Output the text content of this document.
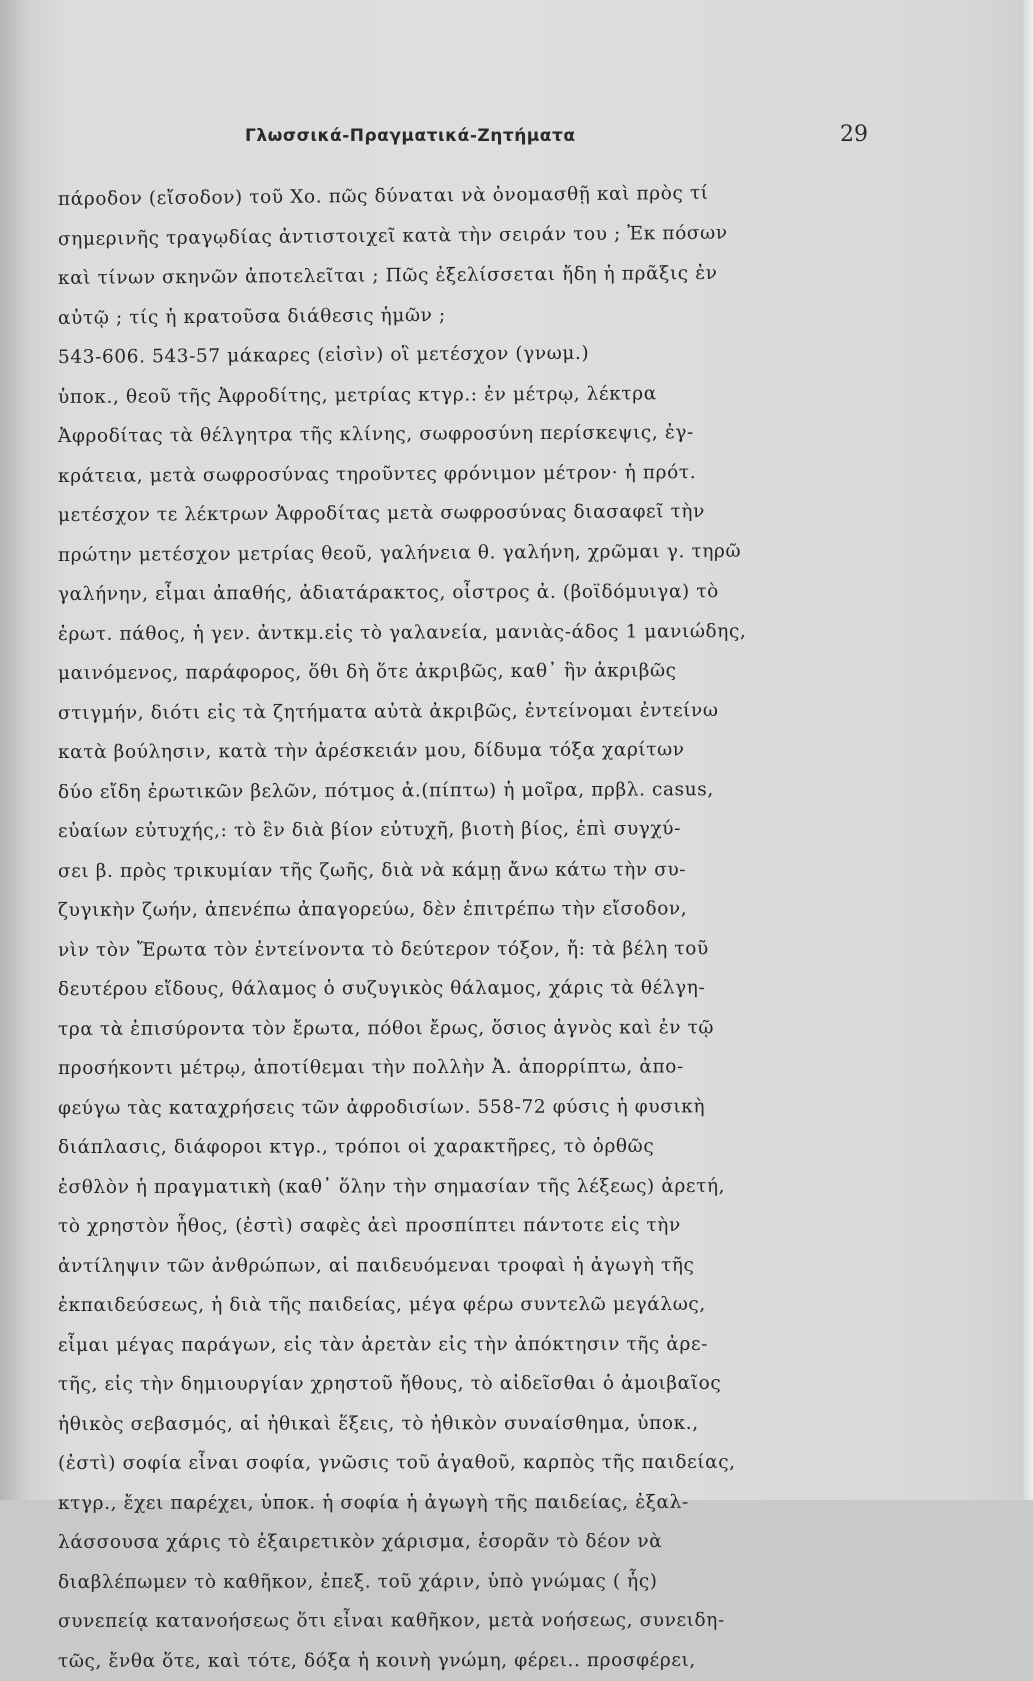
Γλωσσικά-Πραγματικά-Ζητήματα	29
πάροδον (εἴσοδον) τοῦ Χο. πῶς δύναται νὰ ὀνομασθῇ καὶ πρὸς τί
σημερινῆς τραγῳδίας ἀντιστοιχεῖ κατὰ τὴν σειράν του ; Ἐκ πόσων
καὶ τίνων σκηνῶν ἀποτελεῖται ; Πῶς ἐξελίσσεται ἤδη ἡ πρᾶξις ἐν
αὐτῷ ; τίς ἡ κρατοῦσα διάθεσις ἡμῶν ;
543-606. 543-57 μάκαρες (εἰσὶν) οἳ μετέσχον (γνωμ.)
ὑποκ., θεοῦ τῆς Ἀφροδίτης, μετρίας κτγρ.: ἐν μέτρῳ, λέκτρα
Ἀφροδίτας τὰ θέλγητρα τῆς κλίνης, σωφροσύνη περίσκεψις, ἐγ-
κράτεια, μετὰ σωφροσύνας τηροῦντες φρόνιμον μέτρον· ἡ πρότ.
μετέσχον τε λέκτρων Ἀφροδίτας μετὰ σωφροσύνας διασαφεῖ τὴν
πρώτην μετέσχον μετρίας θεοῦ, γαλήνεια θ. γαλήνη, χρῶμαι γ. τηρῶ
γαλήνην, εἶμαι ἀπαθής, ἀδιατάρακτος, οἶστρος ἀ. (βοϊδόμυιγα) τὸ
ἐρωτ. πάθος, ἡ γεν. ἀντκμ.εἰς τὸ γαλανεία, μανιὰς-άδος 1 μανιώδης,
μαινόμενος, παράφορος, ὅθι δὴ ὅτε ἀκριβῶς, καθ᾽ ἣν ἀκριβῶς
στιγμήν, διότι εἰς τὰ ζητήματα αὐτὰ ἀκριβῶς, ἐντείνομαι ἐντείνω
κατὰ βούλησιν, κατὰ τὴν ἀρέσκειάν μου, δίδυμα τόξα χαρίτων
δύο εἴδη ἐρωτικῶν βελῶν, πότμος ἀ.(πίπτω) ἡ μοῖρα, πρβλ. casus,
εὐαίων εὐτυχής,: τὸ ἓν διὰ βίον εὐτυχῆ, βιοτὴ βίος, ἐπὶ συγχύ-
σει β. πρὸς τρικυμίαν τῆς ζωῆς, διὰ νὰ κάμῃ ἄνω κάτω τὴν συ-
ζυγικὴν ζωήν, ἀπενέπω ἀπαγορεύω, δὲν ἐπιτρέπω τὴν εἴσοδον,
νὶν τὸν Ἔρωτα τὸν ἐντείνοντα τὸ δεύτερον τόξον, ἤ: τὰ βέλη τοῦ
δευτέρου εἴδους, θάλαμος ὁ συζυγικὸς θάλαμος, χάρις τὰ θέλγη-
τρα τὰ ἐπισύροντα τὸν ἔρωτα, πόθοι ἔρως, ὅσιος ἁγνὸς καὶ ἐν τῷ
προσήκοντι μέτρῳ, ἀποτίθεμαι τὴν πολλὴν Ἀ. ἀπορρίπτω, ἀπο-
φεύγω τὰς καταχρήσεις τῶν ἀφροδισίων. 558-72 φύσις ἡ φυσικὴ
διάπλασις, διάφοροι κτγρ., τρόποι οἱ χαρακτῆρες, τὸ ὀρθῶς
ἐσθλὸν ἡ πραγματικὴ (καθ᾽ ὅλην τὴν σημασίαν τῆς λέξεως) ἀρετή,
τὸ χρηστὸν ἦθος, (ἐστὶ) σαφὲς ἀεὶ προσπίπτει πάντοτε εἰς τὴν
ἀντίληψιν τῶν ἀνθρώπων, αἱ παιδευόμεναι τροφαὶ ἡ ἀγωγὴ τῆς
ἐκπαιδεύσεως, ἡ διὰ τῆς παιδείας, μέγα φέρω συντελῶ μεγάλως,
εἶμαι μέγας παράγων, εἰς τὰν ἀρετὰν εἰς τὴν ἀπόκτησιν τῆς ἀρε-
τῆς, εἰς τὴν δημιουργίαν χρηστοῦ ἤθους, τὸ αἰδεῖσθαι ὁ ἀμοιβαῖος
ἠθικὸς σεβασμός, αἱ ἠθικαὶ ἕξεις, τὸ ἠθικὸν συναίσθημα, ὑποκ.,
(ἐστὶ) σοφία εἶναι σοφία, γνῶσις τοῦ ἀγαθοῦ, καρπὸς τῆς παιδείας,
κτγρ., ἔχει παρέχει, ὑποκ. ἡ σοφία ἡ ἀγωγὴ τῆς παιδείας, ἐξαλ-
λάσσουσα χάρις τὸ ἐξαιρετικὸν χάρισμα, ἐσορᾶν τὸ δέον νὰ
διαβλέπωμεν τὸ καθῆκον, ἐπεξ. τοῦ χάριν, ὑπὸ γνώμας ( ἧς)
συνεπείᾳ κατανοήσεως ὅτι εἶναι καθῆκον, μετὰ νοήσεως, συνειδη-
τῶς, ἔνθα ὅτε, καὶ τότε, δόξα ἡ κοινὴ γνώμη, φέρει.. προσφέρει,
